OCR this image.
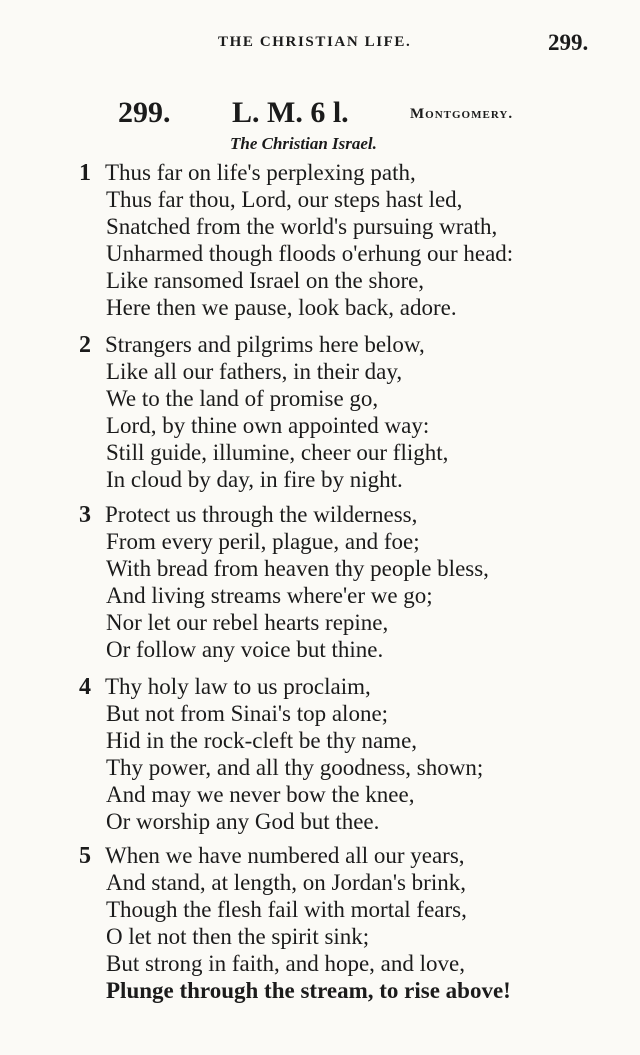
THE CHRISTIAN LIFE.	299.
299. L. M. 6 l.	Montgomery.
The Christian Israel.
1 Thus far on life's perplexing path,
Thus far thou, Lord, our steps hast led,
Snatched from the world's pursuing wrath,
Unharmed though floods o'erhung our head:
Like ransomed Israel on the shore,
Here then we pause, look back, adore.
2 Strangers and pilgrims here below,
Like all our fathers, in their day,
We to the land of promise go,
Lord, by thine own appointed way:
Still guide, illumine, cheer our flight,
In cloud by day, in fire by night.
3 Protect us through the wilderness,
From every peril, plague, and foe;
With bread from heaven thy people bless,
And living streams where'er we go;
Nor let our rebel hearts repine,
Or follow any voice but thine.
4 Thy holy law to us proclaim,
But not from Sinai's top alone;
Hid in the rock-cleft be thy name,
Thy power, and all thy goodness, shown;
And may we never bow the knee,
Or worship any God but thee.
5 When we have numbered all our years,
And stand, at length, on Jordan's brink,
Though the flesh fail with mortal fears,
O let not then the spirit sink;
But strong in faith, and hope, and love,
Plunge through the stream, to rise above!
